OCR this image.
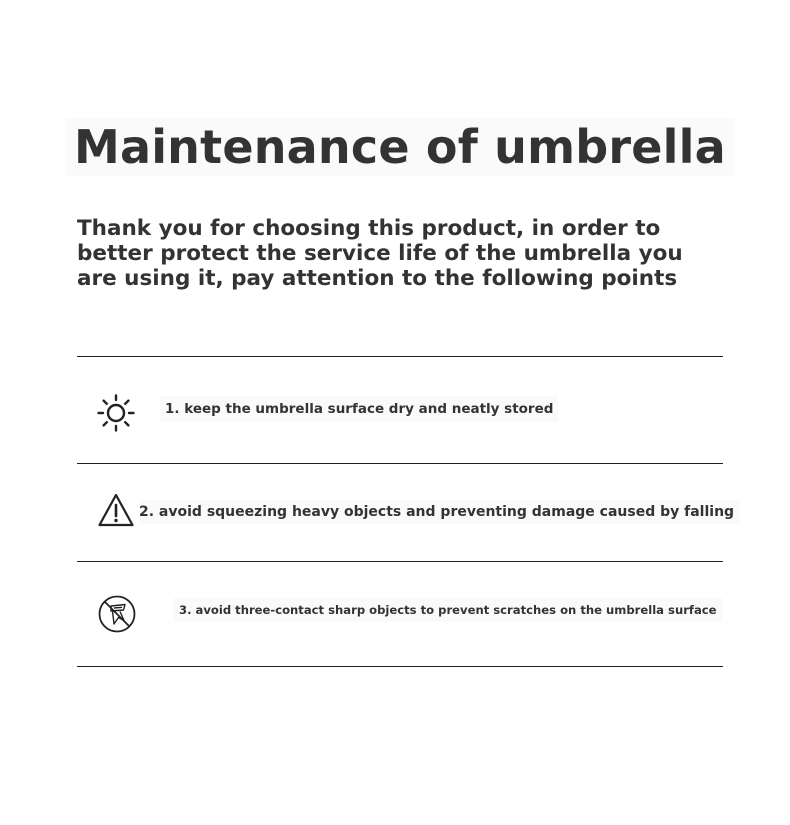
Maintenance of umbrella

Thank you for choosing this product, in order to better protect the service life of the umbrella you are using it, pay attention to the following points

1. keep the umbrella surface dry and neatly stored

2. avoid squeezing heavy objects and preventing damage caused by falling

3. avoid three-contact sharp objects to prevent scratches on the umbrella surface
